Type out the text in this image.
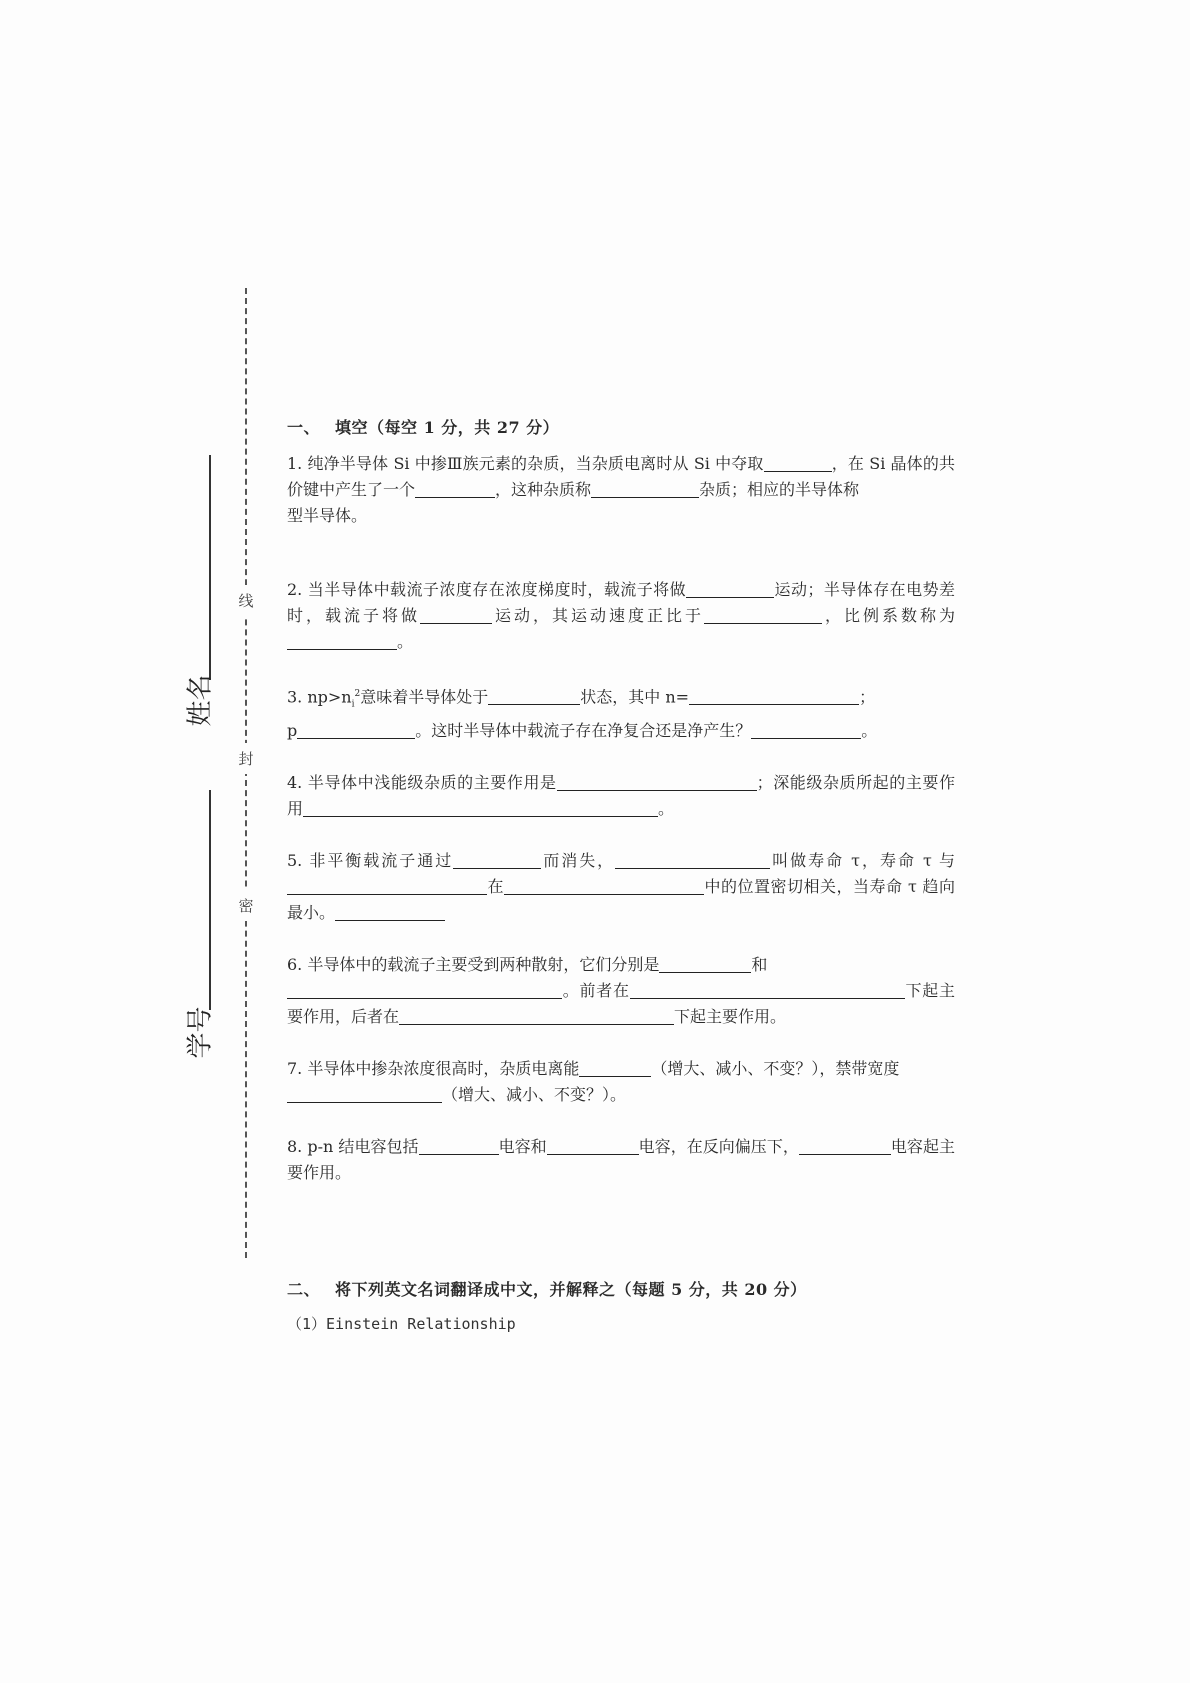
线
封
密
姓名
学号
一、 填空（每空 1 分，共 27 分）
1. 纯净半导体 Si 中掺Ⅲ族元素的杂质，当杂质电离时从 Si 中夺取	，在 Si 晶体的共价键中产生了一个	，这种杂质称	杂质；相应的半导体称
型半导体。
2. 当半导体中载流子浓度存在浓度梯度时，载流子将做	运动；半导体存在电势差时，载流子将做	运动，其运动速度正比于	，比例系数称为。
3. $np>n_i^2$意味着半导体处于	状态，其中 n=	；
p	。这时半导体中载流子存在净复合还是净产生？	。
4. 半导体中浅能级杂质的主要作用是	；深能级杂质所起的主要作用	。
5. 非平衡载流子通过	而消失，	叫做寿命 τ，寿命 τ 与在	中的位置密切相关，当寿命 τ 趋向最小。
6. 半导体中的载流子主要受到两种散射，它们分别是	和
。前者在	下起主要作用，后者在	下起主要作用。
7. 半导体中掺杂浓度很高时，杂质电离能	（增大、减小、不变？），禁带宽度
（增大、减小、不变？）。
8. p-n 结电容包括	电容和	电容，在反向偏压下，	电容起主要作用。
二、 将下列英文名词翻译成中文，并解释之（每题 5 分，共 20 分）
（1）Einstein Relationship
